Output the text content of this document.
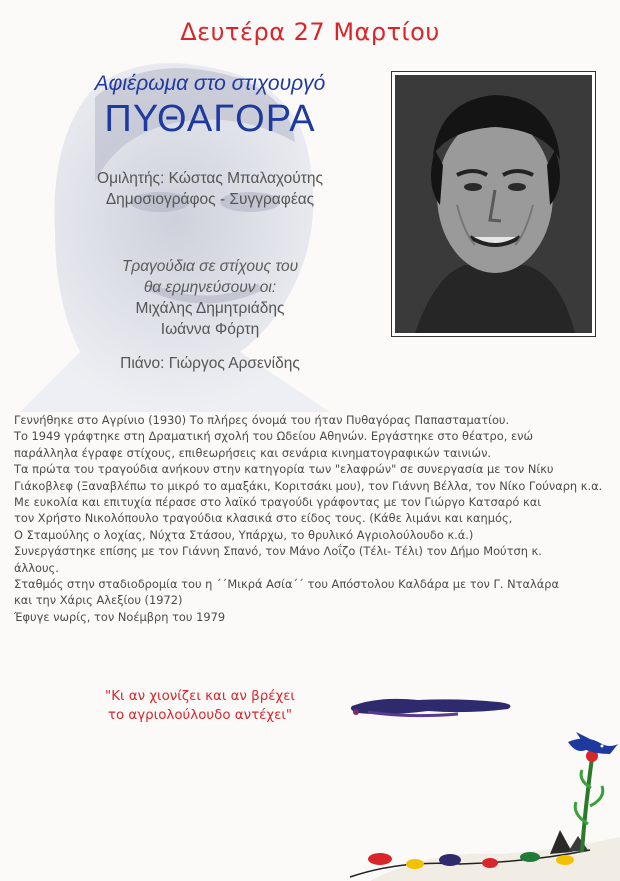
Δευτέρα 27 Μαρτίου
Αφιέρωμα στο στιχουργό
ΠΥΘΑΓΟΡΑ
Ομιλητής: Κώστας Μπαλαχούτης
Δημοσιογράφος - Συγγραφέας
Τραγούδια σε στίχους του
θα ερμηνεύσουν οι:
Μιχάλης Δημητριάδης
Ιωάννα Φόρτη
Πιάνο: Γιώργος Αρσενίδης

Γεννήθηκε στο Αγρίνιο (1930) Το πλήρες όνομά του ήταν Πυθαγόρας Παπασταματίου.

Το 1949 γράφτηκε στη Δραματική σχολή του Ωδείου Αθηνών. Εργάστηκε στο θέατρο, ενώ

παράλληλα έγραφε στίχους, επιθεωρήσεις και σενάρια κινηματογραφικών ταινιών.

Τα πρώτα του τραγούδια ανήκουν στην κατηγορία των "ελαφρών" σε συνεργασία με τον Νίκυ

Γιάκοβλεφ (Ξαναβλέπω το μικρό το αμαξάκι, Κοριτσάκι μου), τον Γιάννη Βέλλα, τον Νίκο Γούναρη κ.α.

Με ευκολία και επιτυχία πέρασε στο λαϊκό τραγούδι γράφοντας με τον Γιώργο Κατσαρό και

τον Χρήστο Νικολόπουλο τραγούδια κλασικά στο είδος τους. (Κάθε λιμάνι και καημός,

Ο Σταμούλης ο λοχίας, Νύχτα Στάσου, Υπάρχω, το θρυλικό Αγριολούλουδο κ.ά.)

Συνεργάστηκε επίσης με τον Γιάννη Σπανό, τον Μάνο Λοΐζο (Τέλι- Τέλι) τον Δήμο Μούτση κ.

άλλους.

Σταθμός στην σταδιοδρομία του η ΄΄Μικρά Ασία΄΄ του Απόστολου Καλδάρα με τον Γ. Νταλάρα

και την Χάρις Αλεξίου (1972)

Έφυγε νωρίς, τον Νοέμβρη του 1979

"Κι αν χιονίζει και αν βρέχει
το αγριολούλουδο αντέχει"
